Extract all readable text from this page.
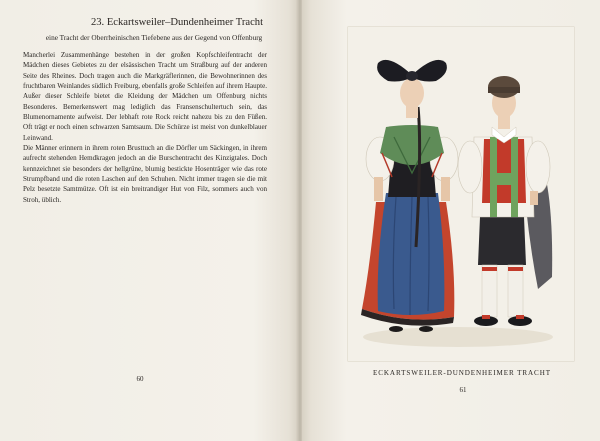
23. Eckartsweiler–Dundenheimer Tracht
eine Tracht der Oberrheinischen Tiefebene aus der Gegend von Offenburg

Mancherlei Zusammenhänge bestehen in der großen Kopfschleifentracht der Mädchen dieses Gebietes zu der elsässischen Tracht um Straßburg auf der anderen Seite des Rheines. Doch tragen auch die Markgräflerinnen, die Bewohnerinnen des fruchtbaren Weinlandes südlich Freiburg, ebenfalls große Schleifen auf ihrem Haupte. Außer dieser Schleife bietet die Kleidung der Mädchen um Offenburg nichts Besonderes. Bemerkenswert mag lediglich das Fransenschultertuch sein, das Blumenornamente aufweist. Der lebhaft rote Rock reicht nahezu bis zu den Füßen. Oft trägt er noch einen schwarzen Samtsaum. Die Schürze ist meist von dunkelblauer Leinwand.

Die Männer erinnern in ihrem roten Brusttuch an die Dörfler um Säckingen, in ihrem aufrecht stehenden Hemdkragen jedoch an die Burschentracht des Kinzigtales. Doch kennzeichnet sie besonders der hellgrüne, blumig bestickte Hosenträger wie das rote Strumpfband und die roten Laschen auf den Schuhen. Nicht immer tragen sie die mit Pelz besetzte Samtmütze. Oft ist ein breitrandiger Hut von Filz, sommers auch von Stroh, üblich.

60
ECKARTSWEILER-DUNDENHEIMER TRACHT
61
